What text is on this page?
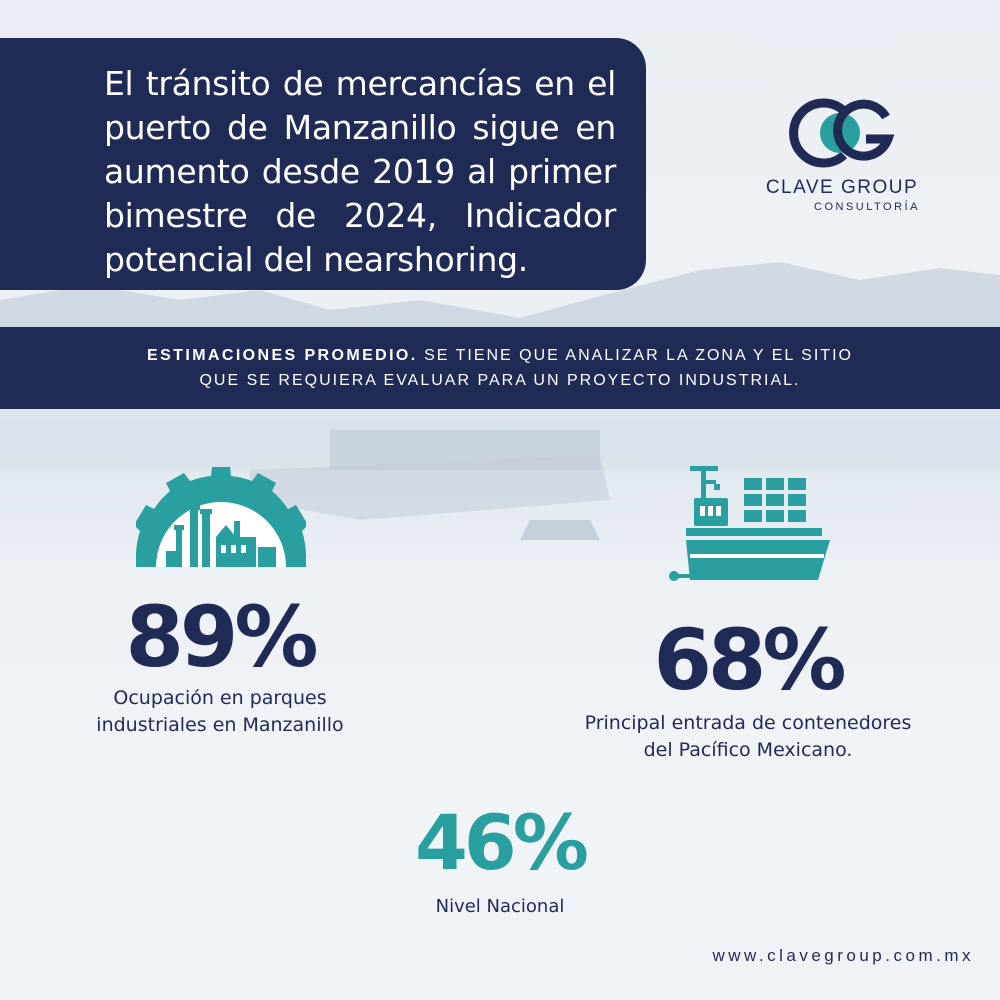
El tránsito de mercancías en el puerto de Manzanillo sigue en aumento desde 2019 al primer bimestre de 2024, Indicador potencial del nearshoring.

CLAVE GROUP
CONSULTORÍA
ESTIMACIONES PROMEDIO. SE TIENE QUE ANALIZAR LA ZONA Y EL SITIO
QUE SE REQUIERA EVALUAR PARA UN PROYECTO INDUSTRIAL.
89%
Ocupación en parques
industriales en Manzanillo
68%
Principal entrada de contenedores
del Pacífico Mexicano.
46%
Nivel Nacional
www.clavegroup.com.mx
